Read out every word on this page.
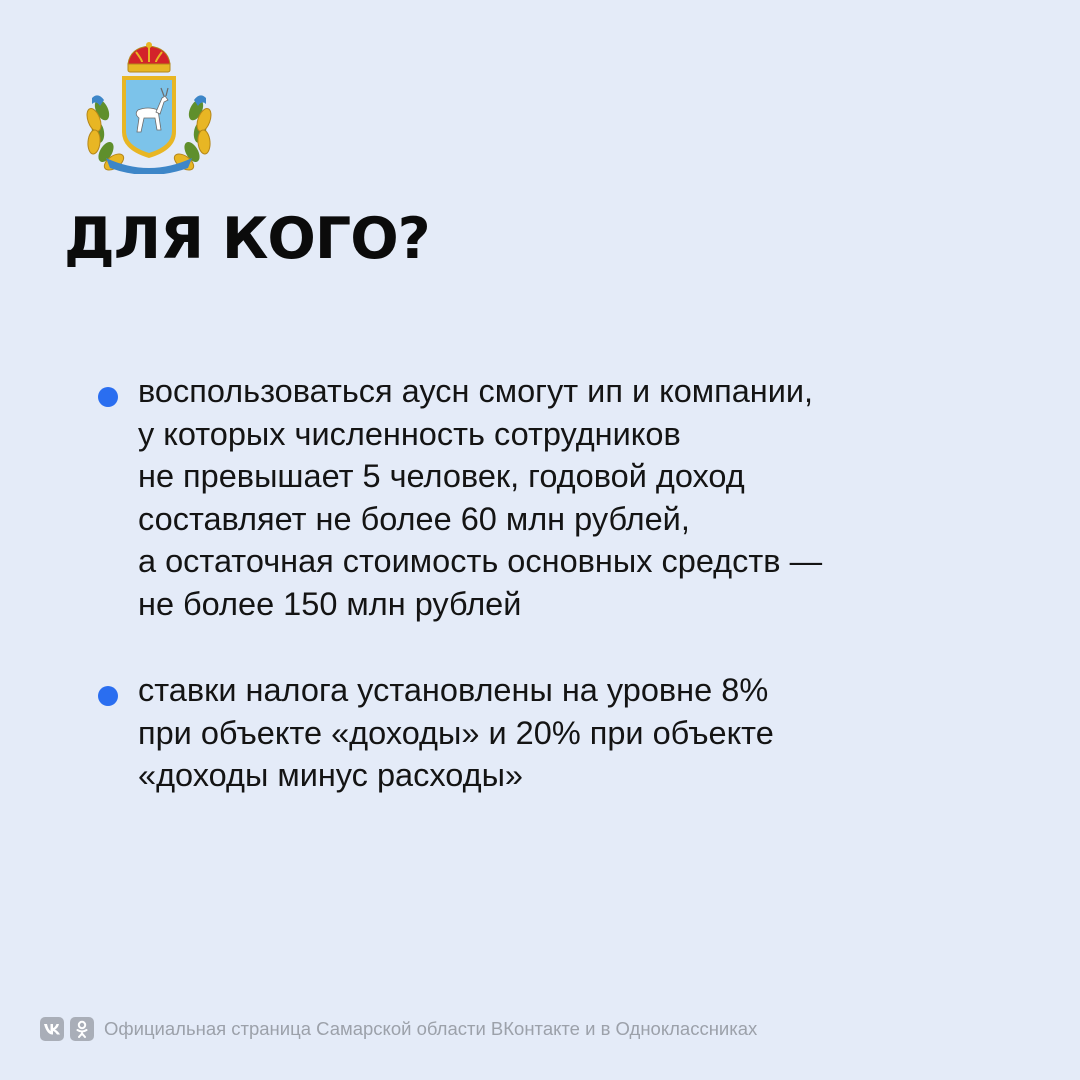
ДЛЯ КОГО?
воспользоваться аусн смогут ип и компании,
у которых численность сотрудников
не превышает 5 человек, годовой доход
составляет не более 60 млн рублей,
а остаточная стоимость основных средств —
не более 150 млн рублей
ставки налога установлены на уровне 8%
при объекте «доходы» и 20% при объекте
«доходы минус расходы»
Официальная страница Самарской области ВКонтакте и в Одноклассниках
